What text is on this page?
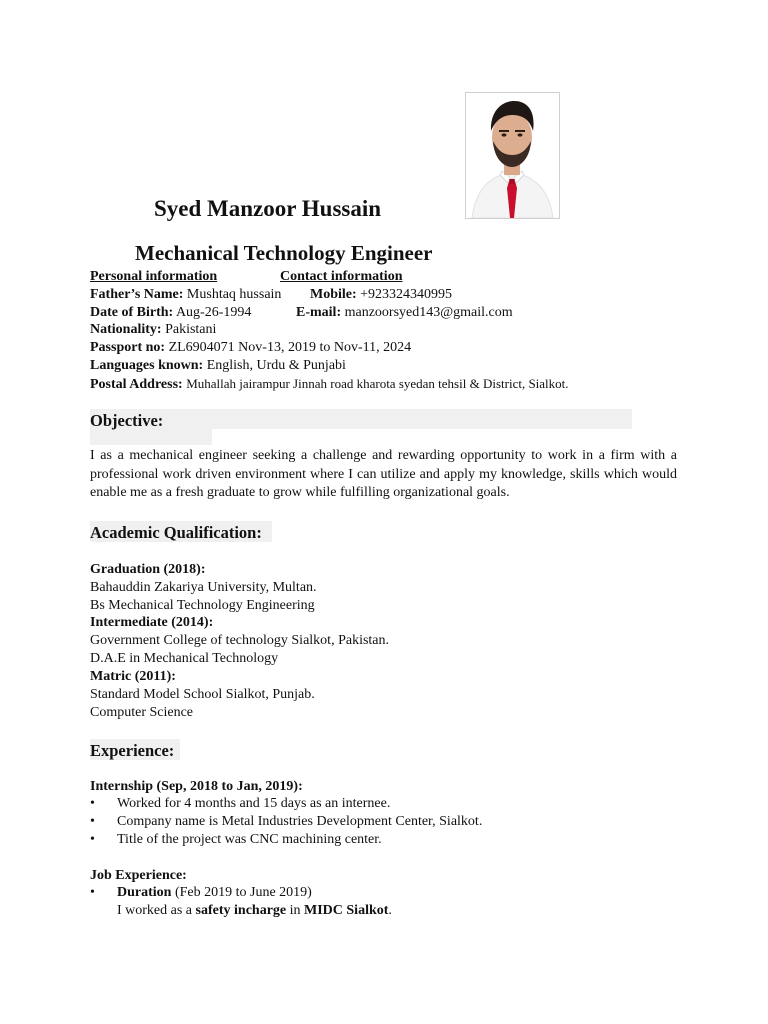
Syed Manzoor Hussain
Mechanical Technology Engineer
Personal information	Contact information
Father’s Name: Mushtaq hussain Mobile: +923324340995
Date of Birth: Aug-26-1994	E-mail: manzoorsyed143@gmail.com
Nationality: Pakistani
Passport no: ZL6904071 Nov-13, 2019 to Nov-11, 2024
Languages known: English, Urdu & Punjabi
Postal Address: Muhallah jairampur Jinnah road kharota syedan tehsil & District, Sialkot.
Objective:
I as a mechanical engineer seeking a challenge and rewarding opportunity to work in a firm with a professional work driven environment where I can utilize and apply my knowledge, skills which would enable me as a fresh graduate to grow while fulfilling organizational goals.
Academic Qualification:
Graduation (2018):
Bahauddin Zakariya University, Multan.
Bs Mechanical Technology Engineering
Intermediate (2014):
Government College of technology Sialkot, Pakistan.
D.A.E in Mechanical Technology
Matric (2011):
Standard Model School Sialkot, Punjab.
Computer Science
Experience:
Internship (Sep, 2018 to Jan, 2019):
• Worked for 4 months and 15 days as an internee.
• Company name is Metal Industries Development Center, Sialkot.
• Title of the project was CNC machining center.
Job Experience:
• Duration (Feb 2019 to June 2019)
I worked as a safety incharge in MIDC Sialkot.
